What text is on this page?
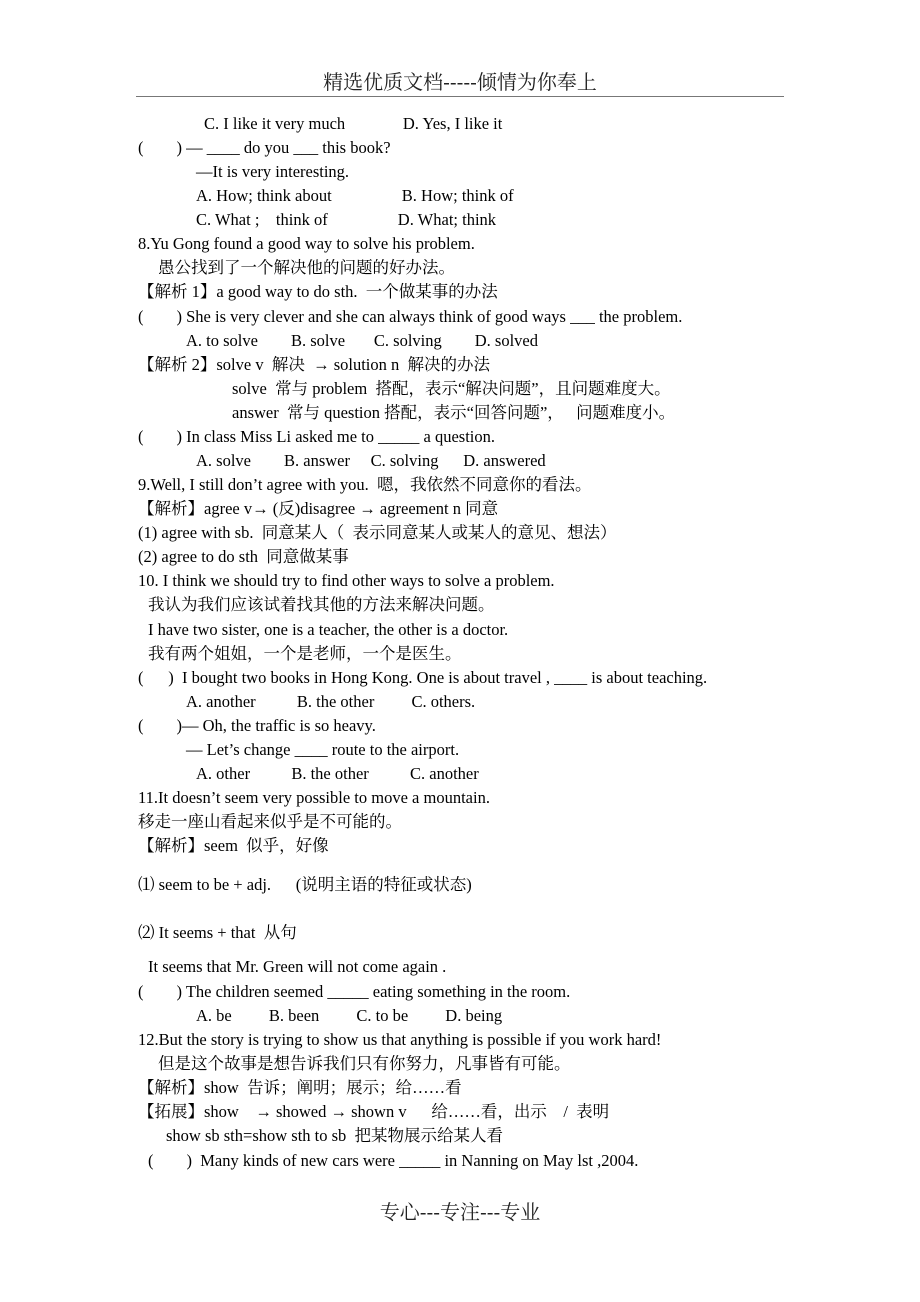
精选优质文档-----倾情为你奉上
C. I like it very much              D. Yes, I like it
(        ) — ____ do you ___ this book?
—It is very interesting.
A. How; think about                 B. How; think of
C. What ;    think of                 D. What; think
8.Yu Gong found a good way to solve his problem.
愚公找到了一个解决他的问题的好办法。
【解析 1】a good way to do sth.  一个做某事的办法
(        ) She is very clever and she can always think of good ways ___ the problem.
A. to solve        B. solve       C. solving        D. solved
【解析 2】solve v  解决  → solution n  解决的办法
solve  常与 problem  搭配，表示“解决问题”，且问题难度大。
answer  常与 question 搭配，表示“回答问题”，   问题难度小。
(        ) In class Miss Li asked me to _____ a question.
A. solve        B. answer     C. solving      D. answered
9.Well, I still don’t agree with you.  嗯，我依然不同意你的看法。
【解析】agree v→ (反)disagree → agreement n 同意
(1) agree with sb.  同意某人（  表示同意某人或某人的意见、想法）
(2) agree to do sth  同意做某事
10. I think we should try to find other ways to solve a problem.
我认为我们应该试着找其他的方法来解决问题。
I have two sister, one is a teacher, the other is a doctor.
我有两个姐姐，一个是老师，一个是医生。
(      )  I bought two books in Hong Kong. One is about travel , ____ is about teaching.
A. another          B. the other         C. others.
(        )— Oh, the traffic is so heavy.
— Let’s change ____ route to the airport.
A. other          B. the other          C. another
11.It doesn’t seem very possible to move a mountain.
移走一座山看起来似乎是不可能的。
【解析】seem  似乎，好像
⑴ seem to be + adj.      (说明主语的特征或状态)
⑵ It seems + that  从句
It seems that Mr. Green will not come again .
(        ) The children seemed _____ eating something in the room.
A. be         B. been         C. to be         D. being
12.But the story is trying to show us that anything is possible if you work hard!
但是这个故事是想告诉我们只有你努力，凡事皆有可能。
【解析】show  告诉；阐明；展示；给……看
【拓展】show    → showed → shown v      给……看，出示    /  表明
show sb sth=show sth to sb  把某物展示给某人看
(        )  Many kinds of new cars were _____ in Nanning on May lst ,2004.
专心---专注---专业
